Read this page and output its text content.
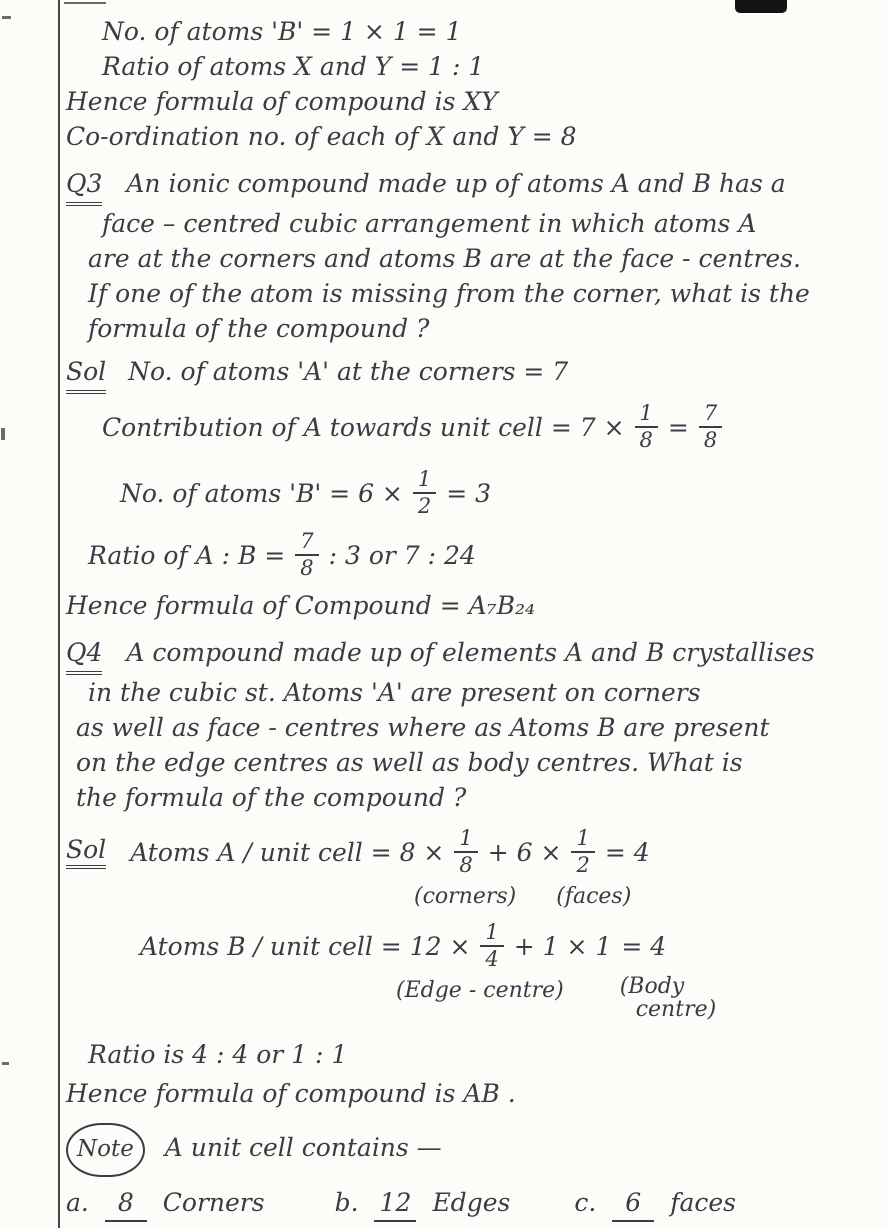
No. of atoms 'B' = 1 × 1 = 1
Ratio of atoms X and Y = 1 : 1
Hence formula of compound is XY
Co-ordination no. of each of X and Y = 8
Q3 An ionic compound made up of atoms A and B has a
face – centred cubic arrangement in which atoms A
are at the corners and atoms B are at the face - centres.
If one of the atom is missing from the corner, what is the
formula of the compound ?
Sol No. of atoms 'A' at the corners = 7
Contribution of A towards unit cell = $7 \times \frac{1}{8} = \frac{7}{8}$
No. of atoms '$B' = 6 \times \frac{1}{2} = 3$
Ratio of A : $B = \frac{7}{8}$ : 3 or 7 : 24
Hence formula of Compound = A₇B₂₄
Q4 A compound made up of elements A and B crystallises
in the cubic st. Atoms 'A' are present on corners
as well as face - centres where as Atoms B are present
on the edge centres as well as body centres. What is
the formula of the compound ?
Sol Atoms A / unit cell = $8 \times \frac{1}{8} + 6 \times \frac{1}{2} = 4$
(corners) (faces)
Atoms B / unit cell = $12 \times \frac{1}{4} + 1 \times 1 = 4$
(Edge - centre)	(Body
centre)
Ratio is 4 : 4 or 1 : 1
Hence formula of compound is AB .
Note A unit cell contains —
a. 8 Corners	b. 12 Edges	c. 6 faces
